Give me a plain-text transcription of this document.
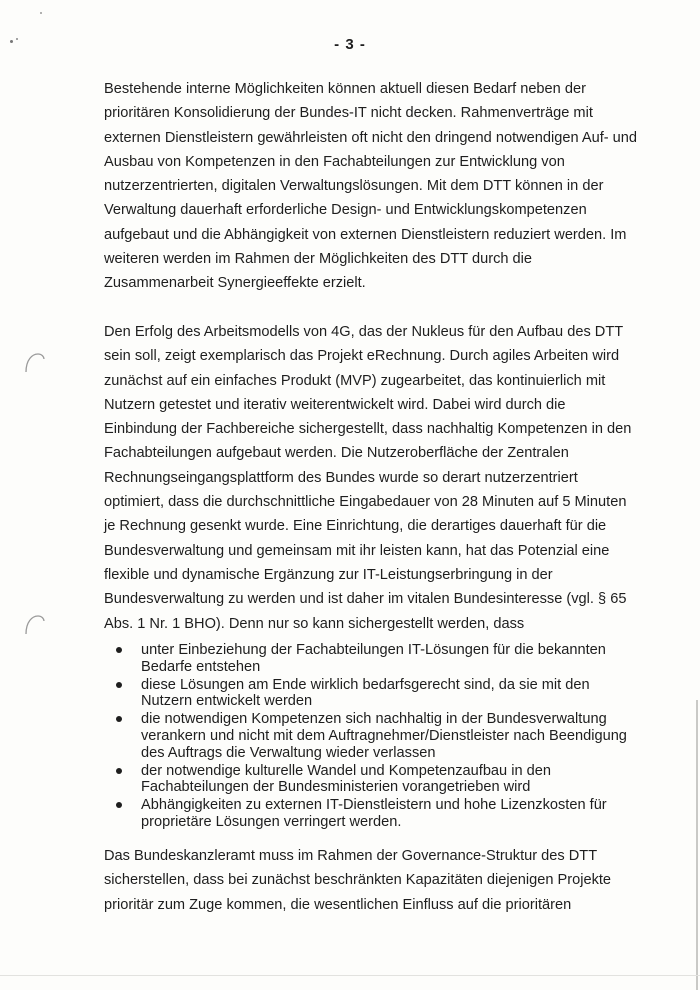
- 3 -

Bestehende interne Möglichkeiten können aktuell diesen Bedarf neben der
prioritären Konsolidierung der Bundes-IT nicht decken. Rahmenverträge mit
externen Dienstleistern gewährleisten oft nicht den dringend notwendigen Auf- und
Ausbau von Kompetenzen in den Fachabteilungen zur Entwicklung von
nutzerzentrierten, digitalen Verwaltungslösungen. Mit dem DTT können in der
Verwaltung dauerhaft erforderliche Design- und Entwicklungskompetenzen
aufgebaut und die Abhängigkeit von externen Dienstleistern reduziert werden. Im
weiteren werden im Rahmen der Möglichkeiten des DTT durch die
Zusammenarbeit Synergieeffekte erzielt.

Den Erfolg des Arbeitsmodells von 4G, das der Nukleus für den Aufbau des DTT
sein soll, zeigt exemplarisch das Projekt eRechnung. Durch agiles Arbeiten wird
zunächst auf ein einfaches Produkt (MVP) zugearbeitet, das kontinuierlich mit
Nutzern getestet und iterativ weiterentwickelt wird. Dabei wird durch die
Einbindung der Fachbereiche sichergestellt, dass nachhaltig Kompetenzen in den
Fachabteilungen aufgebaut werden. Die Nutzeroberfläche der Zentralen
Rechnungseingangsplattform des Bundes wurde so derart nutzerzentriert
optimiert, dass die durchschnittliche Eingabedauer von 28 Minuten auf 5 Minuten
je Rechnung gesenkt wurde. Eine Einrichtung, die derartiges dauerhaft für die
Bundesverwaltung und gemeinsam mit ihr leisten kann, hat das Potenzial eine
flexible und dynamische Ergänzung zur IT-Leistungserbringung in der
Bundesverwaltung zu werden und ist daher im vitalen Bundesinteresse (vgl. § 65
Abs. 1 Nr. 1 BHO). Denn nur so kann sichergestellt werden, dass

unter Einbeziehung der Fachabteilungen IT-Lösungen für die bekannten
Bedarfe entstehen
diese Lösungen am Ende wirklich bedarfsgerecht sind, da sie mit den
Nutzern entwickelt werden
die notwendigen Kompetenzen sich nachhaltig in der Bundesverwaltung
verankern und nicht mit dem Auftragnehmer/Dienstleister nach Beendigung
des Auftrags die Verwaltung wieder verlassen
der notwendige kulturelle Wandel und Kompetenzaufbau in den
Fachabteilungen der Bundesministerien vorangetrieben wird
Abhängigkeiten zu externen IT-Dienstleistern und hohe Lizenzkosten für
proprietäre Lösungen verringert werden.

Das Bundeskanzleramt muss im Rahmen der Governance-Struktur des DTT
sicherstellen, dass bei zunächst beschränkten Kapazitäten diejenigen Projekte
prioritär zum Zuge kommen, die wesentlichen Einfluss auf die prioritären
